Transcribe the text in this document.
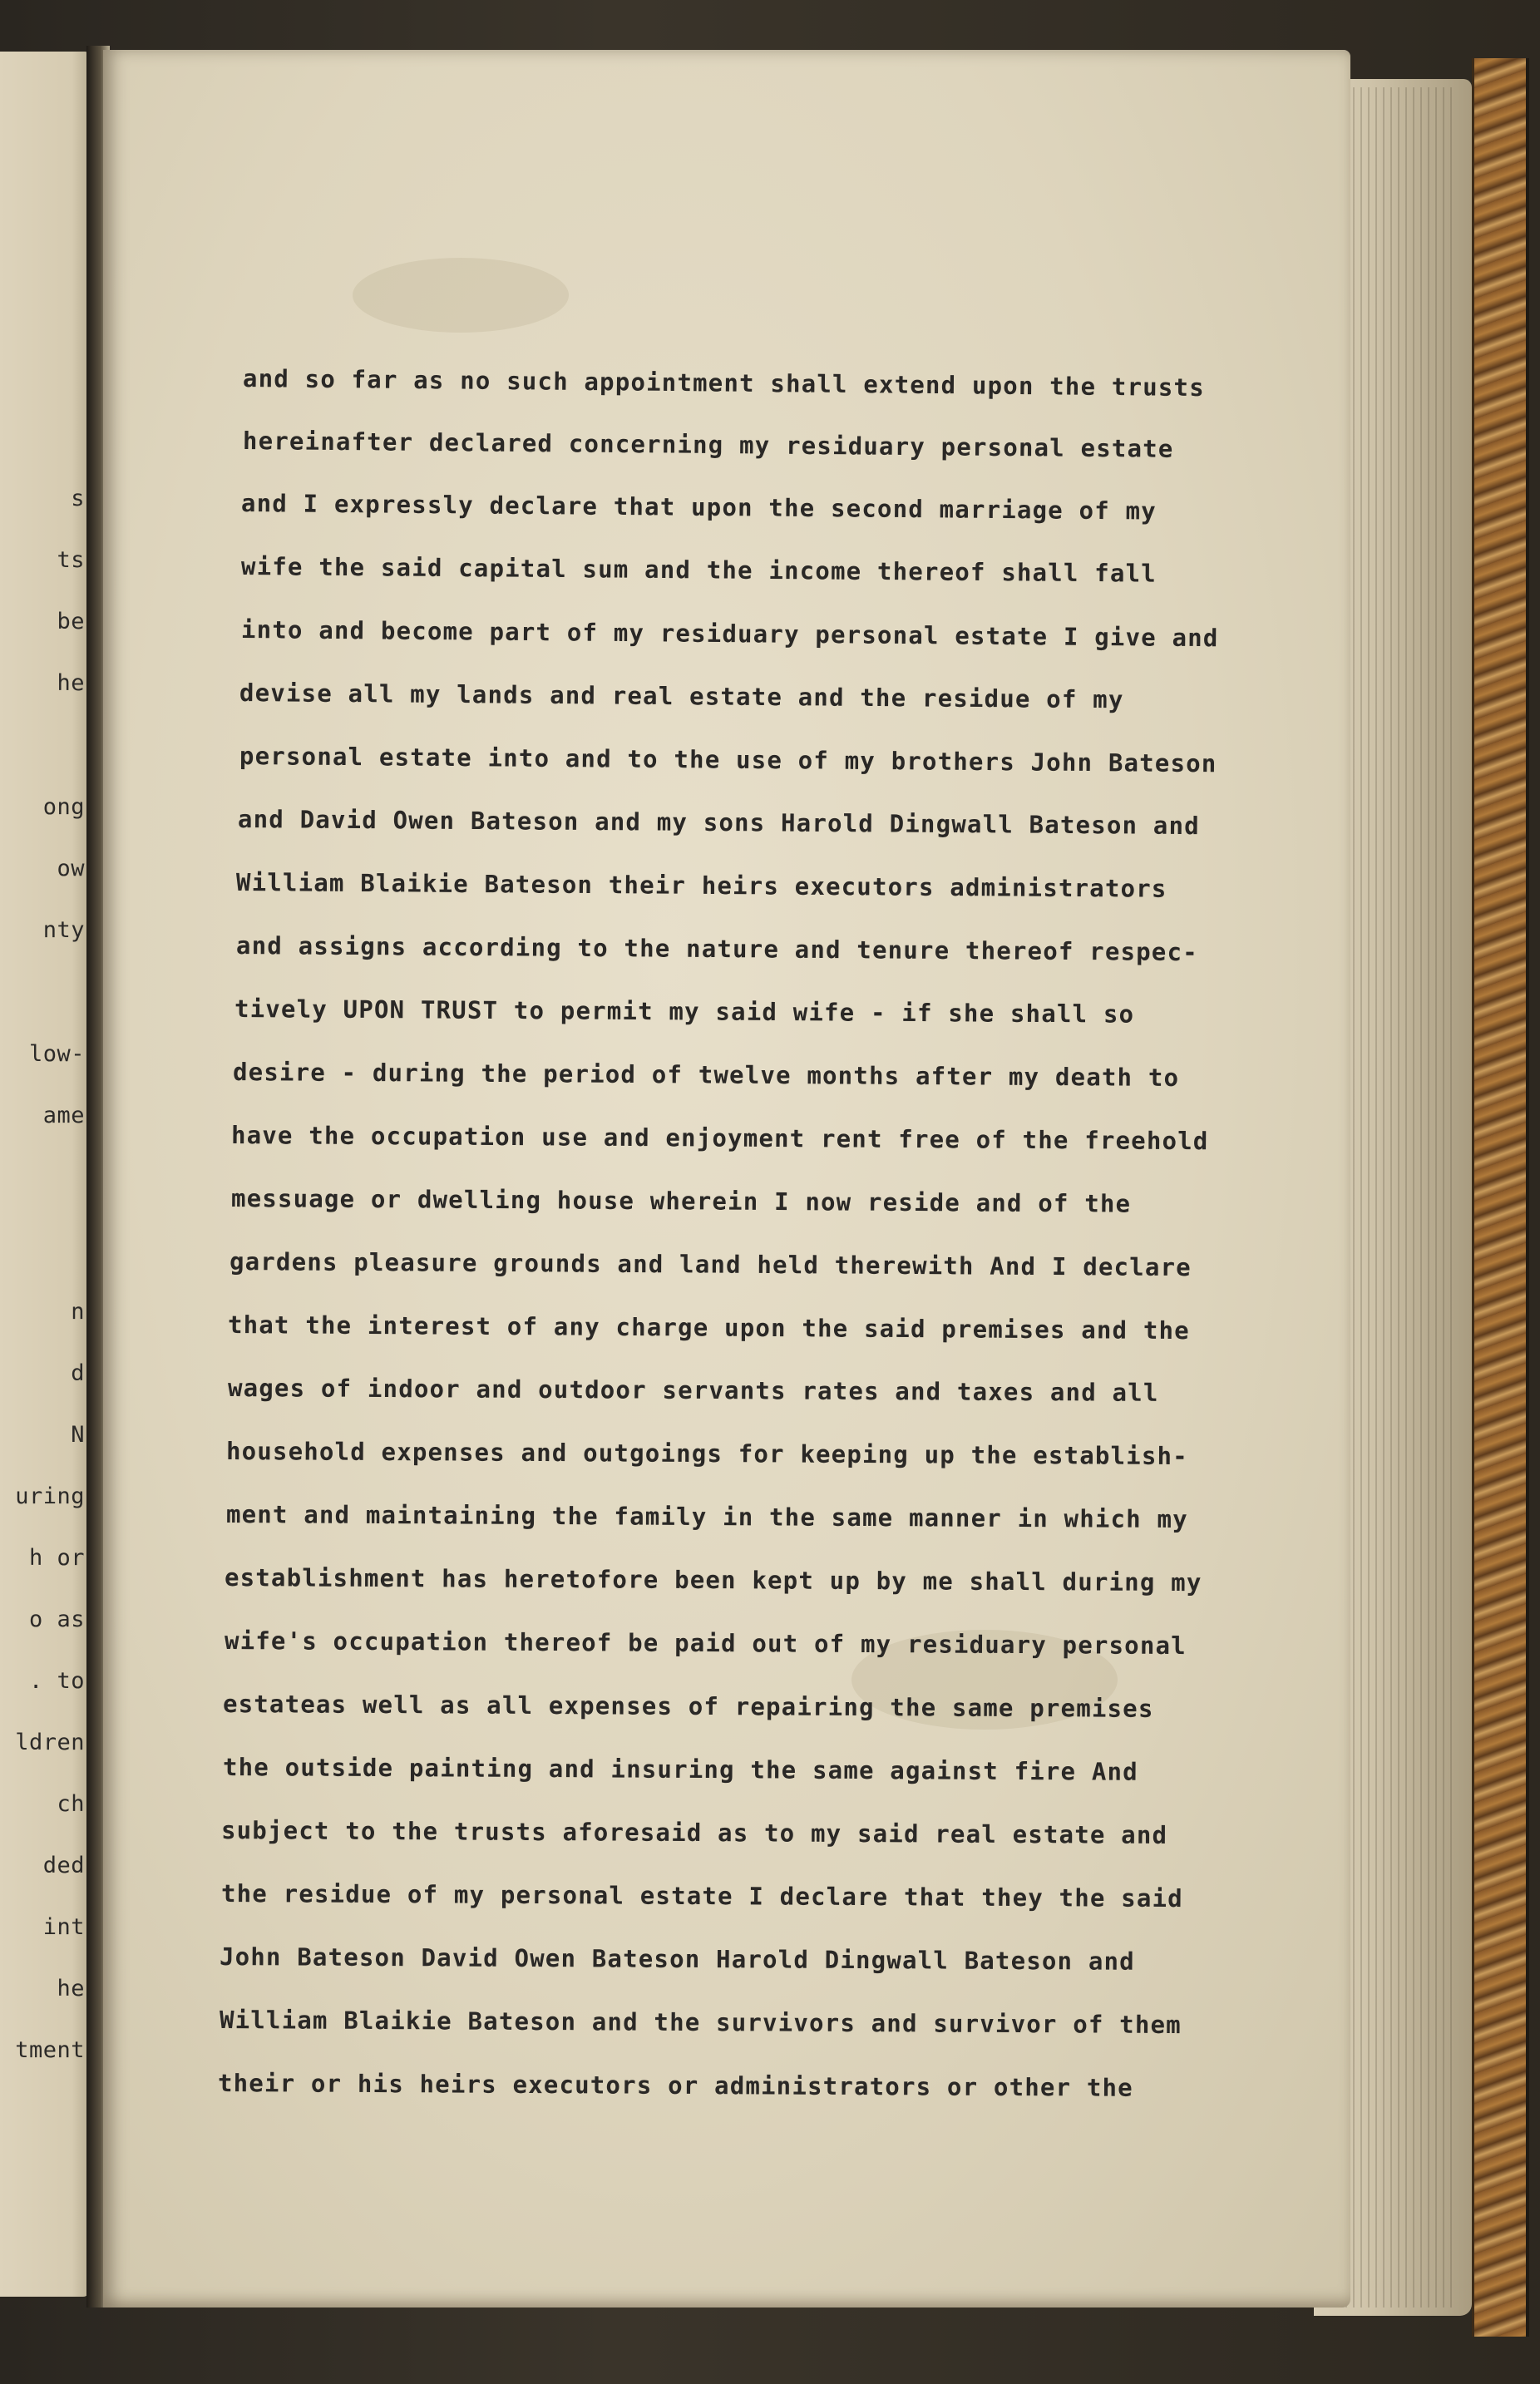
s
ts
be
he
ong
ow
nty
low-
ame
n
d
N
uring
h or
o as
. to
ldren
ch
ded
int
he
tment
and so far as no such appointment shall extend upon the trusts
hereinafter declared concerning my residuary personal estate
and I expressly declare that upon the second marriage of my
wife the said capital sum and the income thereof shall fall
into and become part of my residuary personal estate I give and
devise all my lands and real estate and the residue of my
personal estate into and to the use of my brothers John Bateson
and David Owen Bateson and my sons Harold Dingwall Bateson and
William Blaikie Bateson their heirs executors administrators
and assigns according to the nature and tenure thereof respec-
tively UPON TRUST to permit my said wife - if she shall so
desire - during the period of twelve months after my death to
have the occupation use and enjoyment rent free of the freehold
messuage or dwelling house wherein I now reside and of the
gardens pleasure grounds and land held therewith And I declare
that the interest of any charge upon the said premises and the
wages of indoor and outdoor servants rates and taxes and all
household expenses and outgoings for keeping up the establish-
ment and maintaining the family in the same manner in which my
establishment has heretofore been kept up by me shall during my
wife's occupation thereof be paid out of my residuary personal
estateas well as all expenses of repairing the same premises
the outside painting and insuring the same against fire And
subject to the trusts aforesaid as to my said real estate and
the residue of my personal estate I declare that they the said
John Bateson David Owen Bateson Harold Dingwall Bateson and
William Blaikie Bateson and the survivors and survivor of them
their or his heirs executors or administrators or other the
